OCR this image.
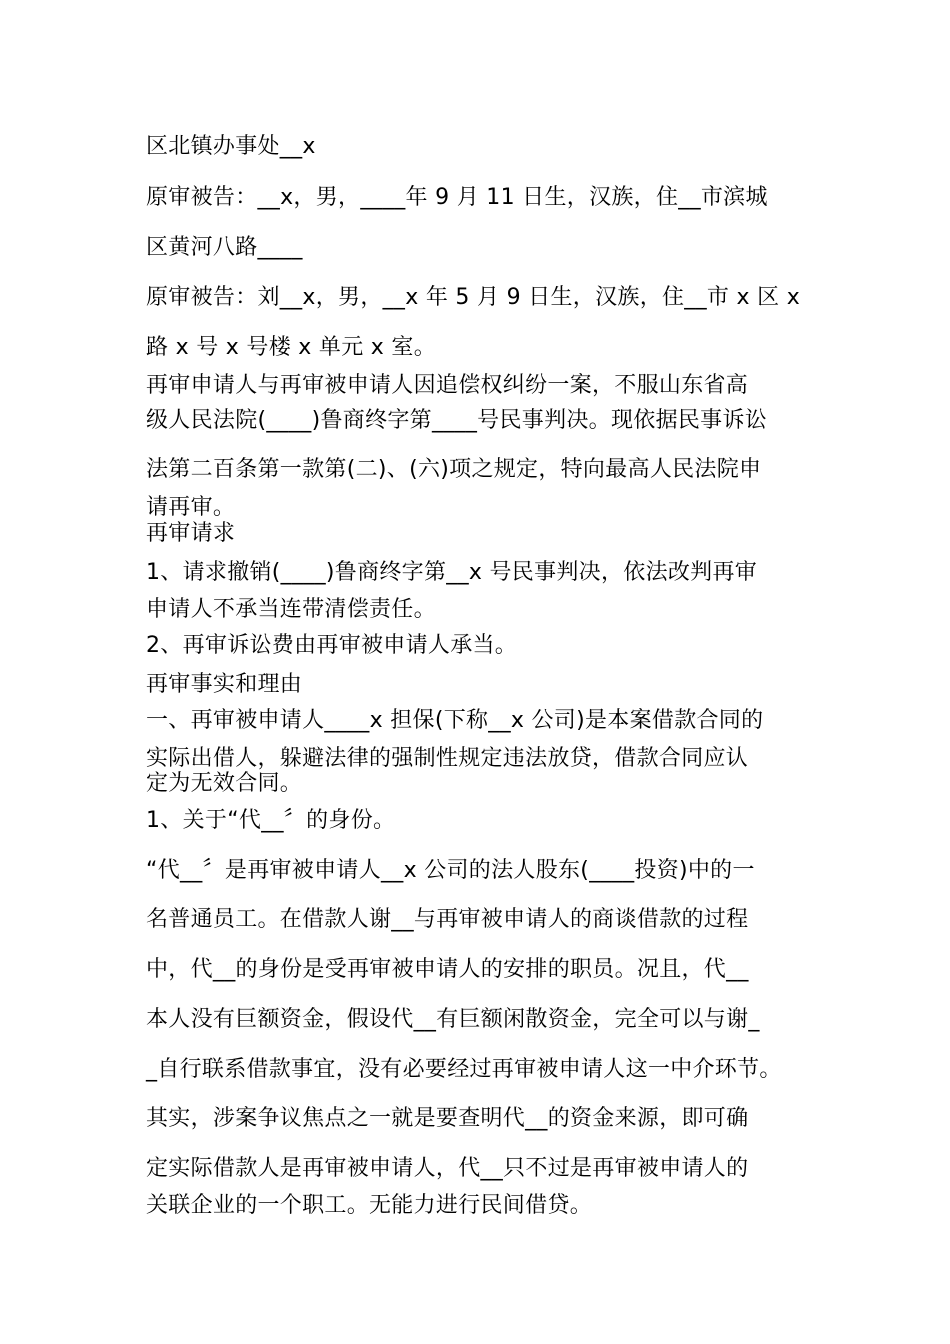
区北镇办事处__x
原审被告：__x，男，____年 9 月 11 日生，汉族，住__市滨城
区黄河八路____
原审被告：刘__x，男，__x 年 5 月 9 日生，汉族，住__市 x 区 x
路 x 号 x 号楼 x 单元 x 室。
再审申请人与再审被申请人因追偿权纠纷一案，不服山东省高
级人民法院(____)鲁商终字第____号民事判决。现依据民事诉讼
法第二百条第一款第(二)、(六)项之规定，特向最高人民法院申
请再审。
再审请求
1、请求撤销(____)鲁商终字第__x 号民事判决，依法改判再审
申请人不承当连带清偿责任。
2、再审诉讼费由再审被申请人承当。
再审事实和理由
一、再审被申请人____x 担保(下称__x 公司)是本案借款合同的
实际出借人，躲避法律的强制性规定违法放贷，借款合同应认
定为无效合同。
1、关于“代__〞的身份。
“代__〞是再审被申请人__x 公司的法人股东(____投资)中的一
名普通员工。在借款人谢__与再审被申请人的商谈借款的过程
中，代__的身份是受再审被申请人的安排的职员。况且，代__
本人没有巨额资金，假设代__有巨额闲散资金，完全可以与谢_
_自行联系借款事宜，没有必要经过再审被申请人这一中介环节。
其实，涉案争议焦点之一就是要查明代__的资金来源，即可确
定实际借款人是再审被申请人，代__只不过是再审被申请人的
关联企业的一个职工。无能力进行民间借贷。
